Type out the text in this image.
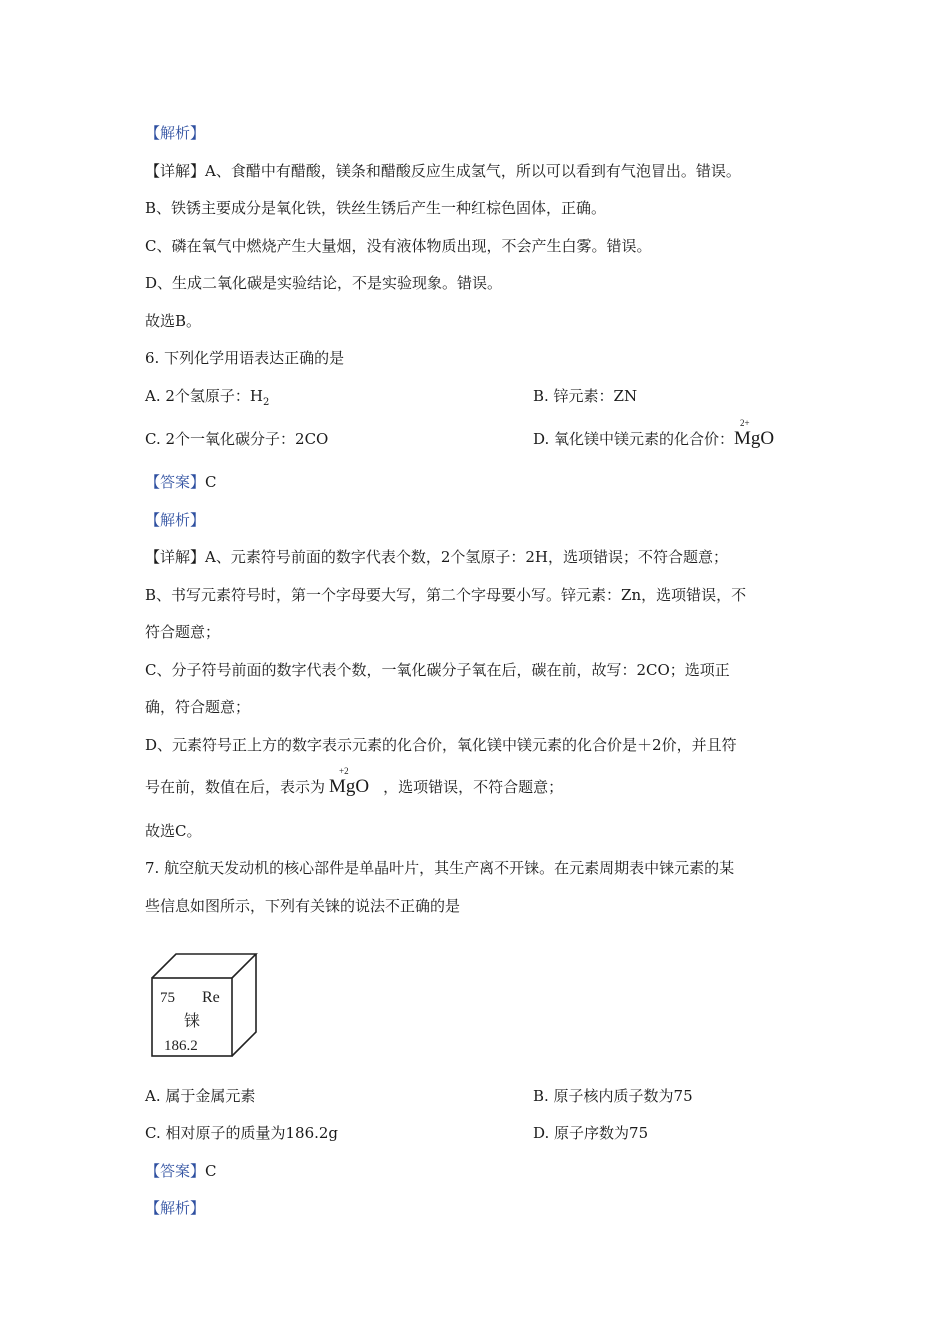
【解析】
【详解】A、食醋中有醋酸，镁条和醋酸反应生成氢气，所以可以看到有气泡冒出。错误。
B、铁锈主要成分是氧化铁，铁丝生锈后产生一种红棕色固体，正确。
C、磷在氧气中燃烧产生大量烟，没有液体物质出现，不会产生白雾。错误。
D、生成二氧化碳是实验结论，不是实验现象。错误。
故选B。
6. 下列化学用语表达正确的是
A. 2个氢原子：$H_2$	B. 锌元素：ZN
C. 2个一氧化碳分子：2CO	D. 氧化镁中镁元素的化合价：
2+
MgO
【答案】C
【解析】
【详解】A、元素符号前面的数字代表个数，2个氢原子：2H，选项错误；不符合题意；
B、书写元素符号时，第一个字母要大写，第二个字母要小写。锌元素：Zn，选项错误，不
符合题意；
C、分子符号前面的数字代表个数，一氧化碳分子氧在后，碳在前，故写：2CO；选项正
确，符合题意；
D、元素符号正上方的数字表示元素的化合价，氧化镁中镁元素的化合价是＋2价，并且符
号在前，数值在后，表示为
+2
MgO ，选项错误，不符合题意；
故选C。
7. 航空航天发动机的核心部件是单晶叶片，其生产离不开铼。在元素周期表中铼元素的某
些信息如图所示，下列有关铼的说法不正确的是
75 Re
铼
186.2
A. 属于金属元素	B. 原子核内质子数为75
C. 相对原子的质量为186.2g	D. 原子序数为75
【答案】C
【解析】
